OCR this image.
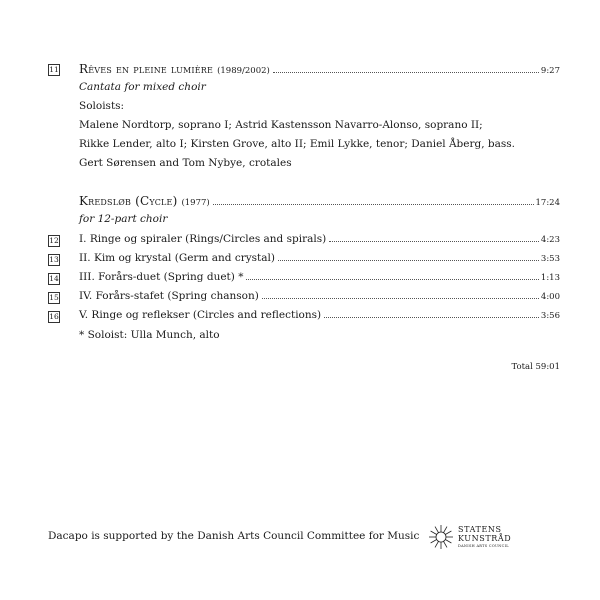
11 Rêves en pleine lumière (1989/2002)	9:27
Cantata for mixed choir
Soloists:
Malene Nordtorp, soprano I; Astrid Kastensson Navarro-Alonso, soprano II;
Rikke Lender, alto I; Kirsten Grove, alto II; Emil Lykke, tenor; Daniel Åberg, bass.
Gert Sørensen and Tom Nybye, crotales
Kredsløb (Cycle) (1977)	17:24
for 12-part choir
12 I. Ringe og spiraler (Rings/Circles and spirals)	4:23
13 II. Kim og krystal (Germ and crystal)	3:53
14 III. Forårs-duet (Spring duet) *	1:13
15 IV. Forårs-stafet (Spring chanson)	4:00
16 V. Ringe og reflekser (Circles and reflections)	3:56
* Soloist: Ulla Munch, alto
Total 59:01
Dacapo is supported by the Danish Arts Council Committee for Music
STATENS
KUNSTRÅD
DANISH ARTS COUNCIL
